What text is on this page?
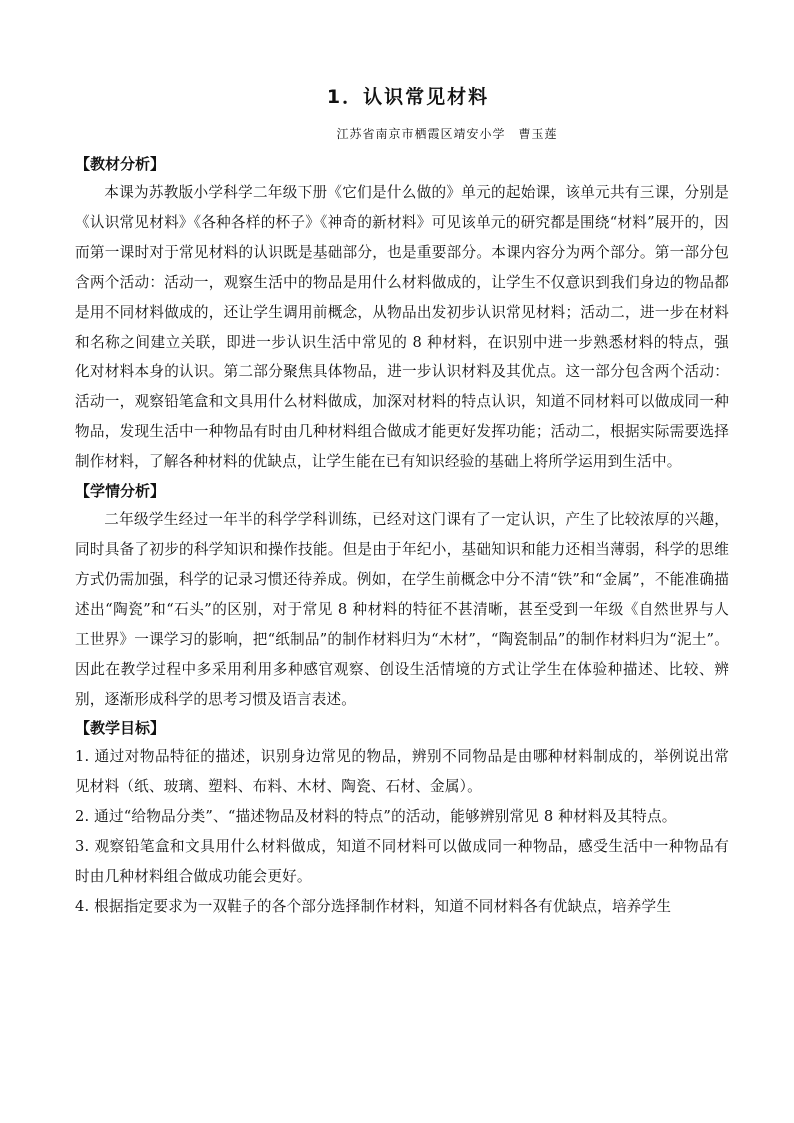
1．认识常见材料

江苏省南京市栖霞区靖安小学　曹玉莲

【教材分析】

本课为苏教版小学科学二年级下册《它们是什么做的》单元的起始课，该单元共有三课，分别是《认识常见材料》《各种各样的杯子》《神奇的新材料》可见该单元的研究都是围绕“材料”展开的，因而第一课时对于常见材料的认识既是基础部分，也是重要部分。本课内容分为两个部分。第一部分包含两个活动：活动一，观察生活中的物品是用什么材料做成的，让学生不仅意识到我们身边的物品都是用不同材料做成的，还让学生调用前概念，从物品出发初步认识常见材料；活动二，进一步在材料和名称之间建立关联，即进一步认识生活中常见的 8 种材料，在识别中进一步熟悉材料的特点，强化对材料本身的认识。第二部分聚焦具体物品，进一步认识材料及其优点。这一部分包含两个活动：活动一，观察铅笔盒和文具用什么材料做成，加深对材料的特点认识，知道不同材料可以做成同一种物品，发现生活中一种物品有时由几种材料组合做成才能更好发挥功能；活动二，根据实际需要选择制作材料，了解各种材料的优缺点，让学生能在已有知识经验的基础上将所学运用到生活中。

【学情分析】

二年级学生经过一年半的科学学科训练，已经对这门课有了一定认识，产生了比较浓厚的兴趣，同时具备了初步的科学知识和操作技能。但是由于年纪小，基础知识和能力还相当薄弱，科学的思维方式仍需加强，科学的记录习惯还待养成。例如，在学生前概念中分不清“铁”和“金属”，不能准确描述出“陶瓷”和“石头”的区别，对于常见 8 种材料的特征不甚清晰，甚至受到一年级《自然世界与人工世界》一课学习的影响，把“纸制品”的制作材料归为“木材”，“陶瓷制品”的制作材料归为“泥土”。因此在教学过程中多采用利用多种感官观察、创设生活情境的方式让学生在体验种描述、比较、辨别，逐渐形成科学的思考习惯及语言表述。

【教学目标】

1. 通过对物品特征的描述，识别身边常见的物品，辨别不同物品是由哪种材料制成的，举例说出常见材料（纸、玻璃、塑料、布料、木材、陶瓷、石材、金属）。

2. 通过“给物品分类”、“描述物品及材料的特点”的活动，能够辨别常见 8 种材料及其特点。

3. 观察铅笔盒和文具用什么材料做成，知道不同材料可以做成同一种物品，感受生活中一种物品有时由几种材料组合做成功能会更好。

4. 根据指定要求为一双鞋子的各个部分选择制作材料，知道不同材料各有优缺点，培养学生
